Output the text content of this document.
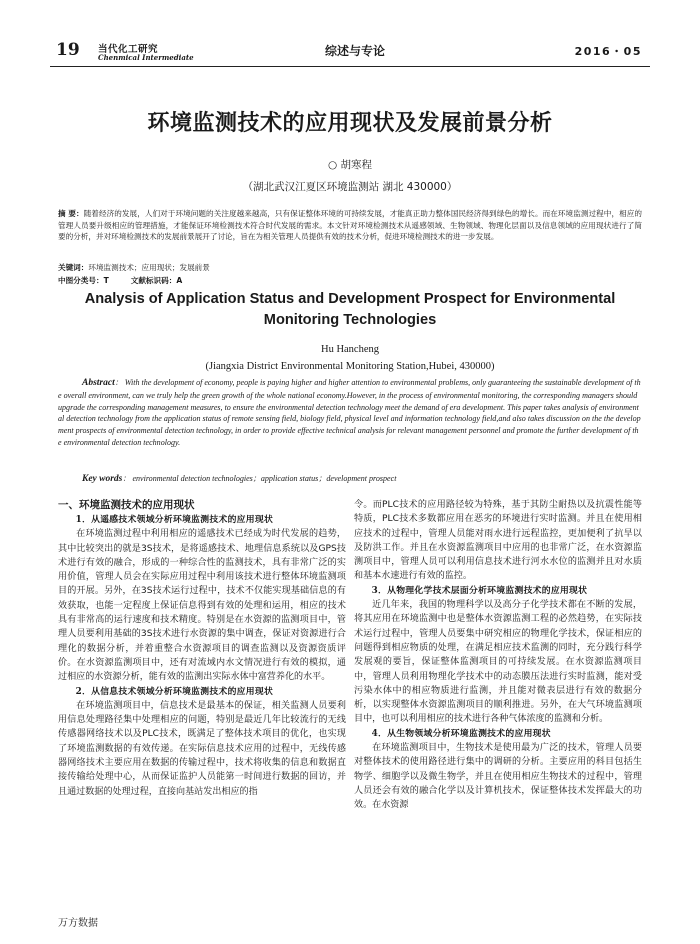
19 当代化工研究
Chenmical Intermediate	综述与专论	2016・05
环境监测技术的应用现状及发展前景分析
○ 胡寒程
（湖北武汉江夏区环境监测站 湖北 430000）
摘 要：随着经济的发展，人们对于环境问题的关注度越来越高，只有保证整体环境的可持续发展，才能真正助力整体国民经济得到绿色的增长。而在环境监测过程中，相应的管理人员要升级相应的管理措施，才能保证环境检测技术符合时代发展的需求。本文针对环境检测技术从遥感领域、生物领域、物理化层面以及信息领域的应用现状进行了简要的分析，并对环境检测技术的发展前景展开了讨论，旨在为相关管理人员提供有效的技术分析，促进环境检测技术的进一步发展。
关键词：环境监测技术；应用现状；发展前景
中图分类号：T	文献标识码：A
Analysis of Application Status and Development Prospect for Environmental Monitoring Technologies
Hu Hancheng
(Jiangxia District Environmental Monitoring Station,Hubei, 430000)
Abstract： With the development of economy, people is paying higher and higher attention to environmental problems, only guaranteeing the sustainable development of the overall environment, can we truly help the green growth of the whole national economy.However, in the process of environmental monitoring, the corresponding managers should upgrade the corresponding management measures, to ensure the environmental detection technology meet the demand of era development. This paper takes analysis of environmental detection technology from the application status of remote sensing field, biology field, physical level and information technology field,and also takes discussion on the the development prospects of environmental detection technology, in order to provide effective technical analysis for relevant management personnel and promote the further development of the environmental detection technology.
Key words： environmental detection technologies；application status；development prospect
一、环境监测技术的应用现状
1．从遥感技术领域分析环境监测技术的应用现状

在环境监测过程中利用相应的遥感技术已经成为时代发展的趋势，其中比较突出的就是3S技术，是将遥感技术、地理信息系统以及GPS技术进行有效的融合，形成的一种综合性的监测技术，具有非常广泛的实用价值，管理人员会在实际应用过程中利用该技术进行整体环境监测项目的开展。另外，在3S技术运行过程中，技术不仅能实现基础信息的有效获取，也能一定程度上保证信息得到有效的处理和运用，相应的技术具有非常高的运行速度和技术精度。特别是在水资源的监测项目中，管理人员要利用基础的3S技术进行水资源的集中调查，保证对资源进行合理化的数据分析，并着重整合水资源项目的调查监测以及资源资质评价。在水资源监测项目中，还有对流域内水文情况进行有效的模拟，通过相应的水资源分析，能有效的监测出实际水体中富营养化的水平。

2．从信息技术领域分析环境监测技术的应用现状

在环境监测项目中，信息技术是最基本的保证，相关监测人员要利用信息处理路径集中处理相应的问题，特别是最近几年比较流行的无线传感器网络技术以及PLC技术，既满足了整体技术项目的优化，也实现了环境监测数据的有效传递。在实际信息技术应用的过程中，无线传感器网络技术主要应用在数据的传输过程中，技术将收集的信息和数据直接传输给处理中心，从而保证监护人员能第一时间进行数据的回访，并且通过数据的处理过程，直接向基站发出相应的指

令。而PLC技术的应用路径较为特殊，基于其防尘耐热以及抗震性能等特质，PLC技术多数都应用在恶劣的环境进行实时监测。并且在使用相应技术的过程中，管理人员能对雨水进行远程监控，更加便利了抗旱以及防洪工作。并且在水资源监测项目中应用的也非常广泛，在水资源监测项目中，管理人员可以利用信息技术进行河水水位的监测并且对水质和基本水速进行有效的监控。

3．从物理化学技术层面分析环境监测技术的应用现状

近几年来，我国的物理科学以及高分子化学技术都在不断的发展，将其应用在环境监测中也是整体水资源监测工程的必然趋势，在实际技术运行过程中，管理人员要集中研究相应的物理化学技术，保证相应的问题得到相应物质的处理，在满足相应技术监测的同时，充分践行科学发展观的要旨，保证整体监测项目的可持续发展。在水资源监测项目中，管理人员利用物理化学技术中的动态膜压法进行实时监测，能对受污染水体中的相应物质进行监测，并且能对微表层进行有效的数据分析，以实现整体水资源监测项目的顺利推进。另外，在大气环境监测项目中，也可以利用相应的技术进行各种气体浓度的监测和分析。

4．从生物领域分析环境监测技术的应用现状

在环境监测项目中，生物技术是使用最为广泛的技术，管理人员要对整体技术的使用路径进行集中的调研的分析。主要应用的科目包括生物学、细胞学以及微生物学，并且在使用相应生物技术的过程中，管理人员还会有效的融合化学以及计算机技术，保证整体技术发挥最大的功效。在水资源

万方数据
